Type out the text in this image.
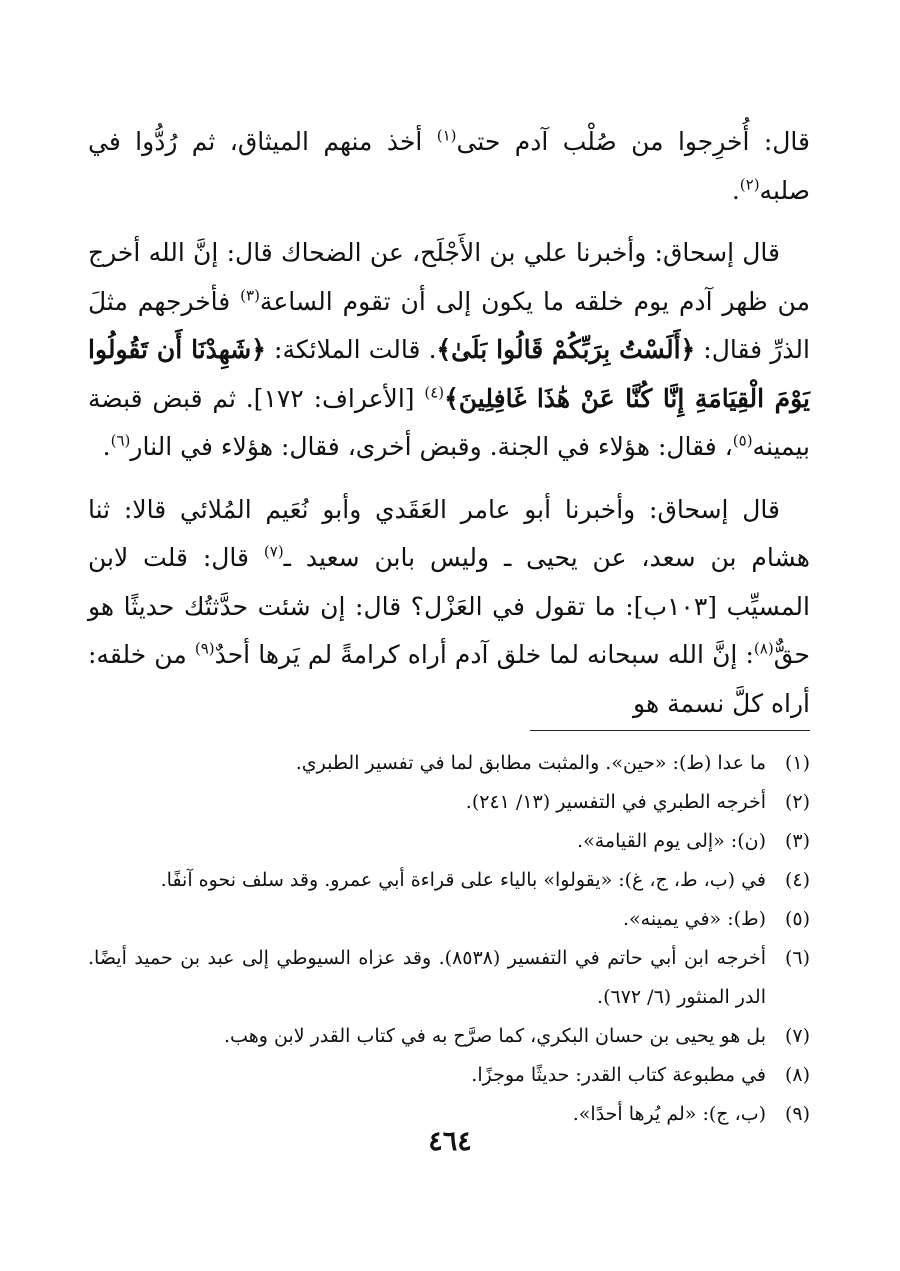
قال: أُخرِجوا من صُلْب آدم حتى$^{(١)}$ أخذ منهم الميثاق، ثم رُدُّوا في صلبه$^{(٢)}$.

قال إسحاق: وأخبرنا علي بن الأَجْلَح، عن الضحاك قال: إنَّ الله أخرج من ظهر آدم يوم خلقه ما يكون إلى أن تقوم الساعة$^{(٣)}$ فأخرجهم مثلَ الذرِّ فقال: ﴿أَلَسْتُ بِرَبِّكُمْ قَالُوا بَلَىٰ﴾. قالت الملائكة: ﴿شَهِدْنَا أَن تَقُولُوا يَوْمَ الْقِيَامَةِ إِنَّا كُنَّا عَنْ هَٰذَا غَافِلِينَ﴾$^{(٤)}$ [الأعراف: ١٧٢]. ثم قبض قبضة بيمينه$^{(٥)}$، فقال: هؤلاء في الجنة. وقبض أخرى، فقال: هؤلاء في النار$^{(٦)}$.

قال إسحاق: وأخبرنا أبو عامر العَقَدي وأبو نُعَيم المُلائي قالا: ثنا هشام بن سعد، عن يحيى ـ وليس بابن سعيد ـ$^{(٧)}$ قال: قلت لابن المسيِّب [١٠٣ب]: ما تقول في العَزْل؟ قال: إن شئت حدَّثتُك حديثًا هو حقٌّ$^{(٨)}$: إنَّ الله سبحانه لما خلق آدم أراه كرامةً لم يَرها أحدٌ$^{(٩)}$ من خلقه: أراه كلَّ نسمة هو

(١)
ما عدا (ط): «حين». والمثبت مطابق لما في تفسير الطبري.
(٢)
أخرجه الطبري في التفسير (١٣/ ٢٤١).
(٣)
(ن): «إلى يوم القيامة».
(٤)
في (ب، ط، ج، غ): «يقولوا» بالياء على قراءة أبي عمرو. وقد سلف نحوه آنفًا.
(٥)
(ط): «في يمينه».
(٦)
أخرجه ابن أبي حاتم في التفسير (٨٥٣٨). وقد عزاه السيوطي إلى عبد بن حميد أيضًا. الدر المنثور (٦/ ٦٧٢).
(٧)
بل هو يحيى بن حسان البكري، كما صرَّح به في كتاب القدر لابن وهب.
(٨)
في مطبوعة كتاب القدر: حديثًا موجزًا.
(٩)
(ب، ج): «لم يُرها أحدًا».
٤٦٤
